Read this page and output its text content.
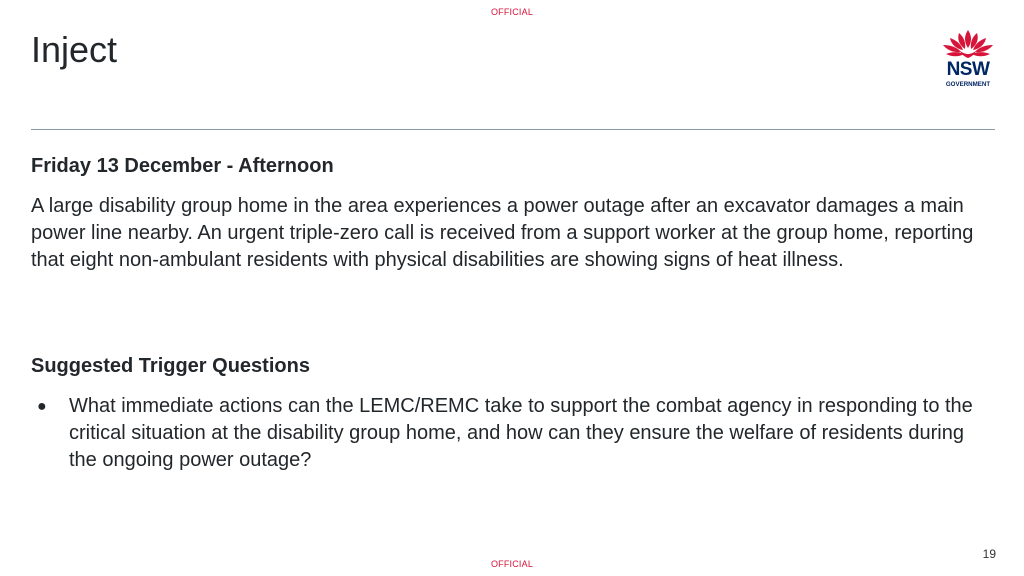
OFFICIAL
Inject	NSW
GOVERNMENT
Friday 13 December - Afternoon
A large disability group home in the area experiences a power outage after an excavator damages a main power line nearby. An urgent triple-zero call is received from a support worker at the group home, reporting that eight non-ambulant residents with physical disabilities are showing signs of heat illness.
Suggested Trigger Questions
● What immediate actions can the LEMC/REMC take to support the combat agency in responding to the critical situation at the disability group home, and how can they ensure the welfare of residents during the ongoing power outage?
19
OFFICIAL
